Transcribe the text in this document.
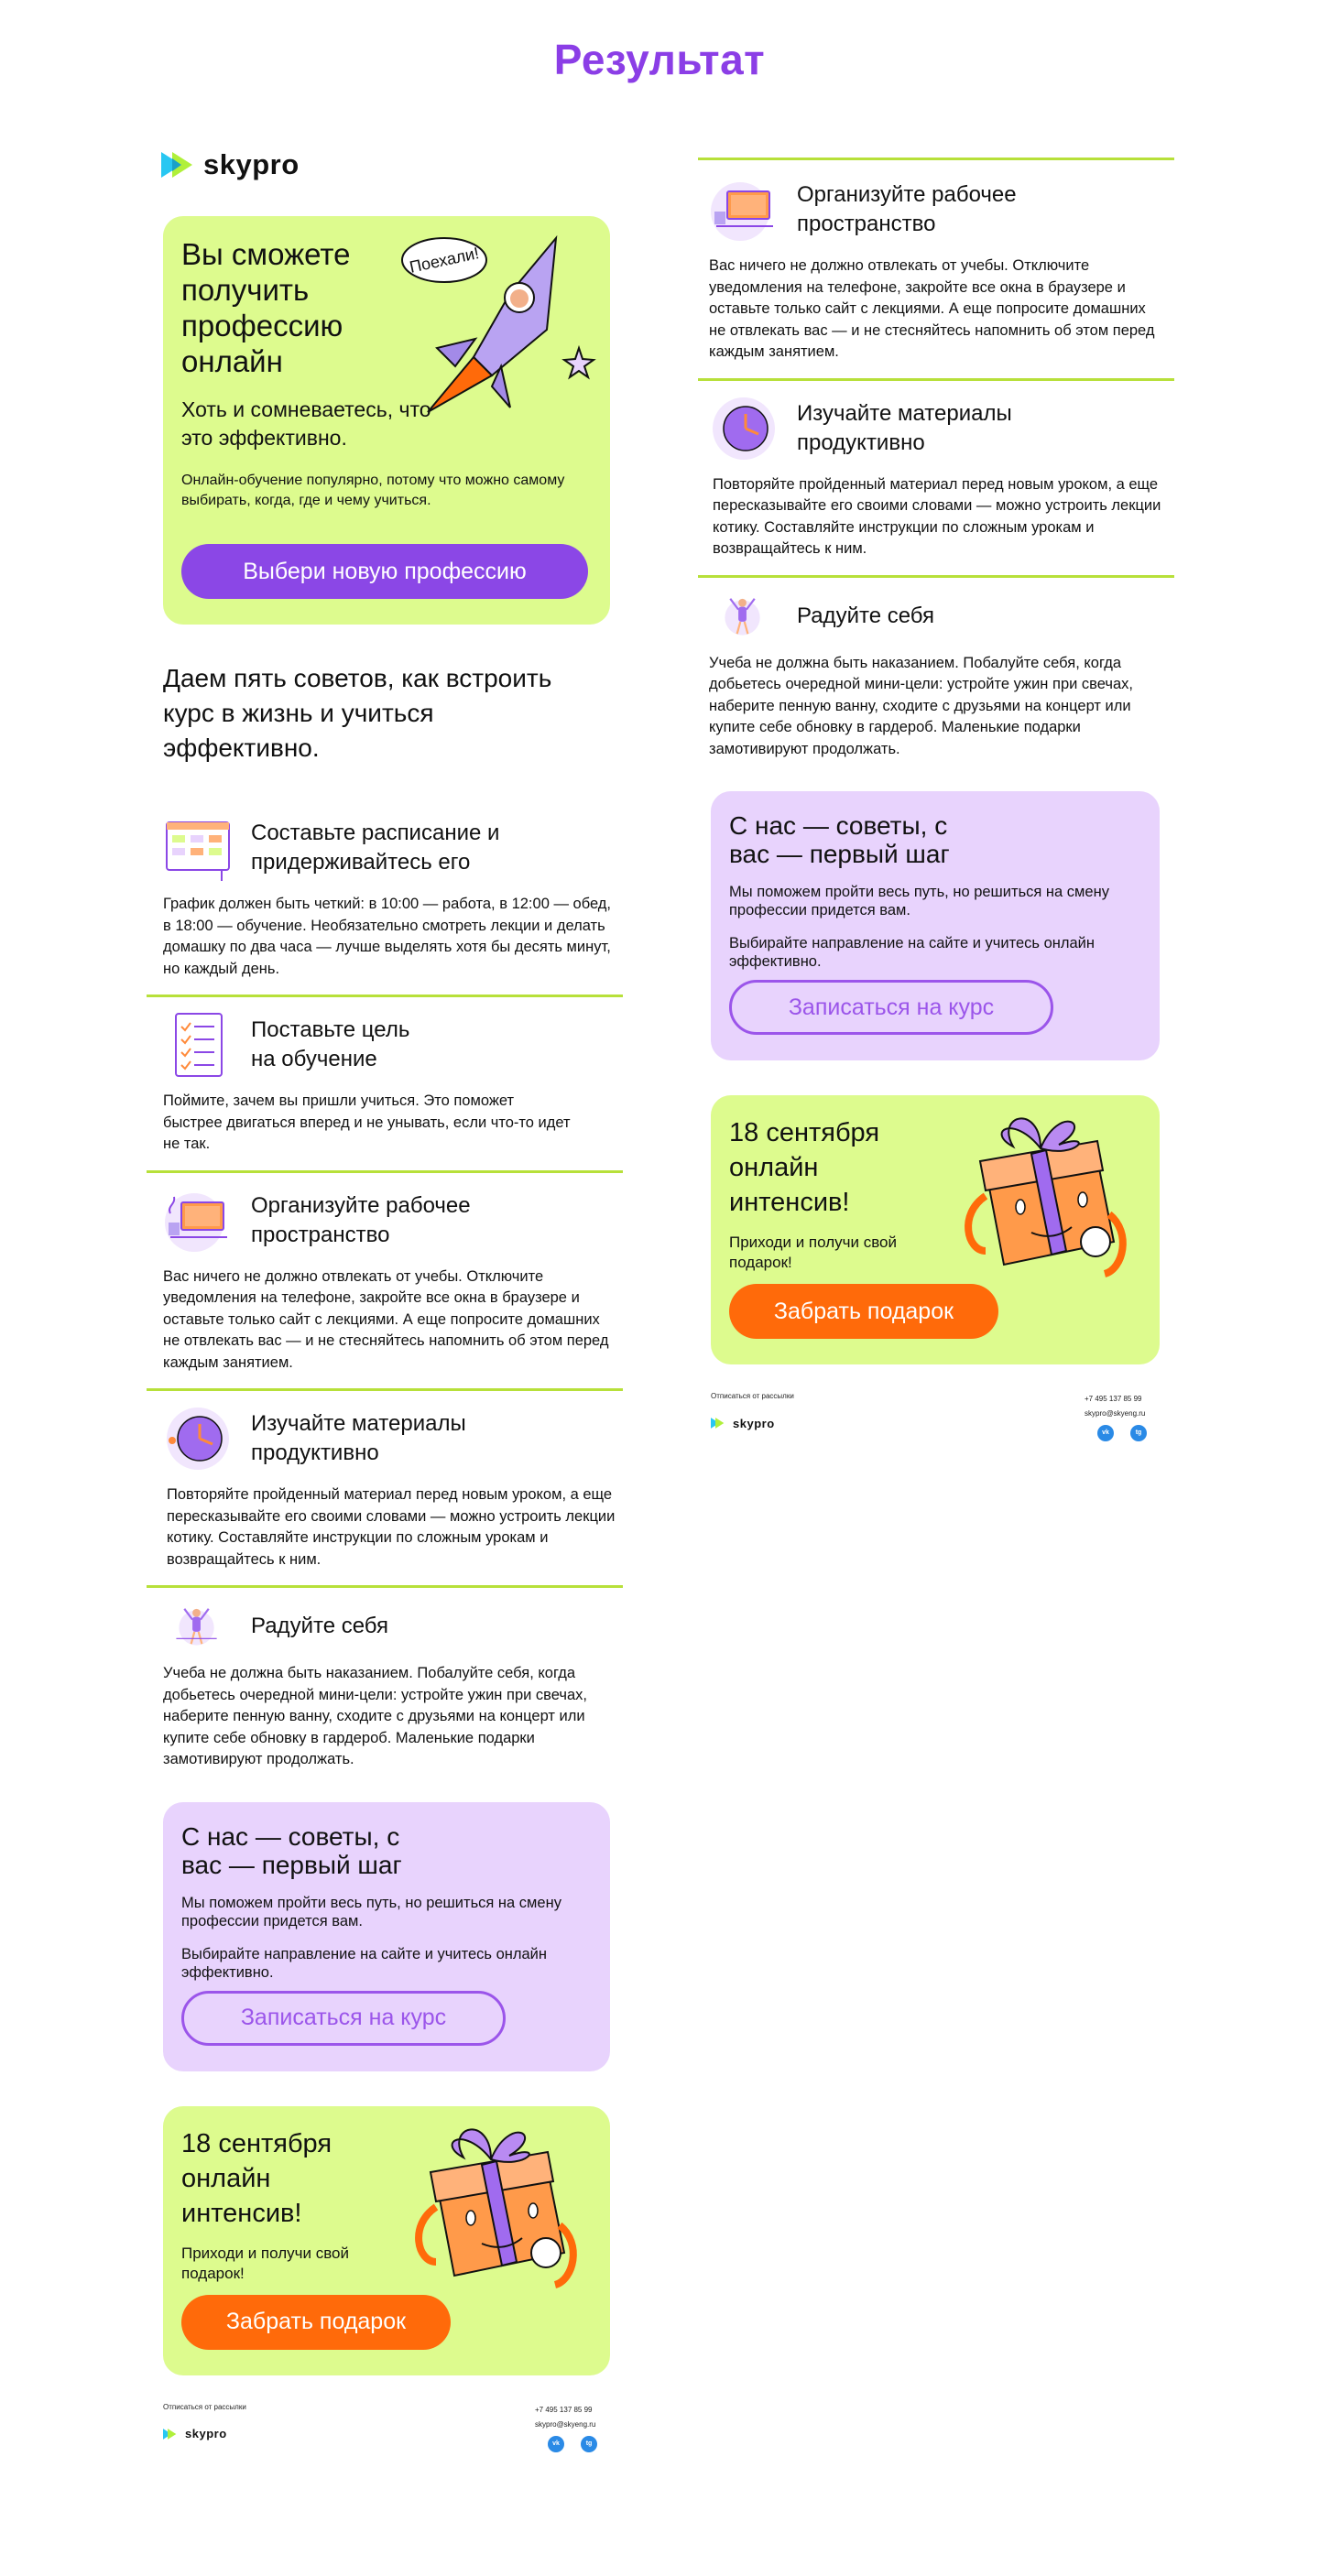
Результат
skypro
Вы сможете получить профессию онлайн
Хоть и сомневаетесь, что это эффективно.
Онлайн-обучение популярно, потому что можно самому выбирать, когда, где и чему учиться.
Поехали!
Выбери новую профессию
Даем пять советов, как встроить курс в жизнь и учиться эффективно.
Составьте расписание и придерживайтесь его
График должен быть четкий: в 10:00 — работа, в 12:00 — обед, в 18:00 — обучение. Необязательно смотреть лекции и делать домашку по два часа — лучше выделять хотя бы десять минут, но каждый день.
Поставьте цель на обучение
Поймите, зачем вы пришли учиться. Это поможет быстрее двигаться вперед и не унывать, если что-то идет не так.
Организуйте рабочее пространство
Вас ничего не должно отвлекать от учебы. Отключите уведомления на телефоне, закройте все окна в браузере и оставьте только сайт с лекциями. А еще попросите домашних не отвлекать вас — и не стесняйтесь напомнить об этом перед каждым занятием.
Изучайте материалы продуктивно
Повторяйте пройденный материал перед новым уроком, а еще пересказывайте его своими словами — можно устроить лекции котику. Составляйте инструкции по сложным урокам и возвращайтесь к ним.
Радуйте себя
Учеба не должна быть наказанием. Побалуйте себя, когда добьетесь очередной мини-цели: устройте ужин при свечах, наберите пенную ванну, сходите с друзьями на концерт или купите себе обновку в гардероб. Маленькие подарки замотивируют продолжать.
С нас — советы, с вас — первый шаг
Мы поможем пройти весь путь, но решиться на смену профессии придется вам.
Выбирайте направление на сайте и учитесь онлайн эффективно.
Записаться на курс
18 сентября онлайн интенсив!
Приходи и получи свой подарок!
Забрать подарок
Отписаться от рассылки
skypro
+7 495 137 85 99
skypro@skyeng.ru
vk	tg
Организуйте рабочее пространство
Вас ничего не должно отвлекать от учебы. Отключите уведомления на телефоне, закройте все окна в браузере и оставьте только сайт с лекциями. А еще попросите домашних не отвлекать вас — и не стесняйтесь напомнить об этом перед каждым занятием.
Изучайте материалы продуктивно
Повторяйте пройденный материал перед новым уроком, а еще пересказывайте его своими словами — можно устроить лекции котику. Составляйте инструкции по сложным урокам и возвращайтесь к ним.
Радуйте себя
Учеба не должна быть наказанием. Побалуйте себя, когда добьетесь очередной мини-цели: устройте ужин при свечах, наберите пенную ванну, сходите с друзьями на концерт или купите себе обновку в гардероб. Маленькие подарки замотивируют продолжать.
С нас — советы, с вас — первый шаг
Мы поможем пройти весь путь, но решиться на смену профессии придется вам.
Выбирайте направление на сайте и учитесь онлайн эффективно.
Записаться на курс
18 сентября онлайн интенсив!
Приходи и получи свой подарок!
Забрать подарок
Отписаться от рассылки
skypro
+7 495 137 85 99
skypro@skyeng.ru
vk	tg
